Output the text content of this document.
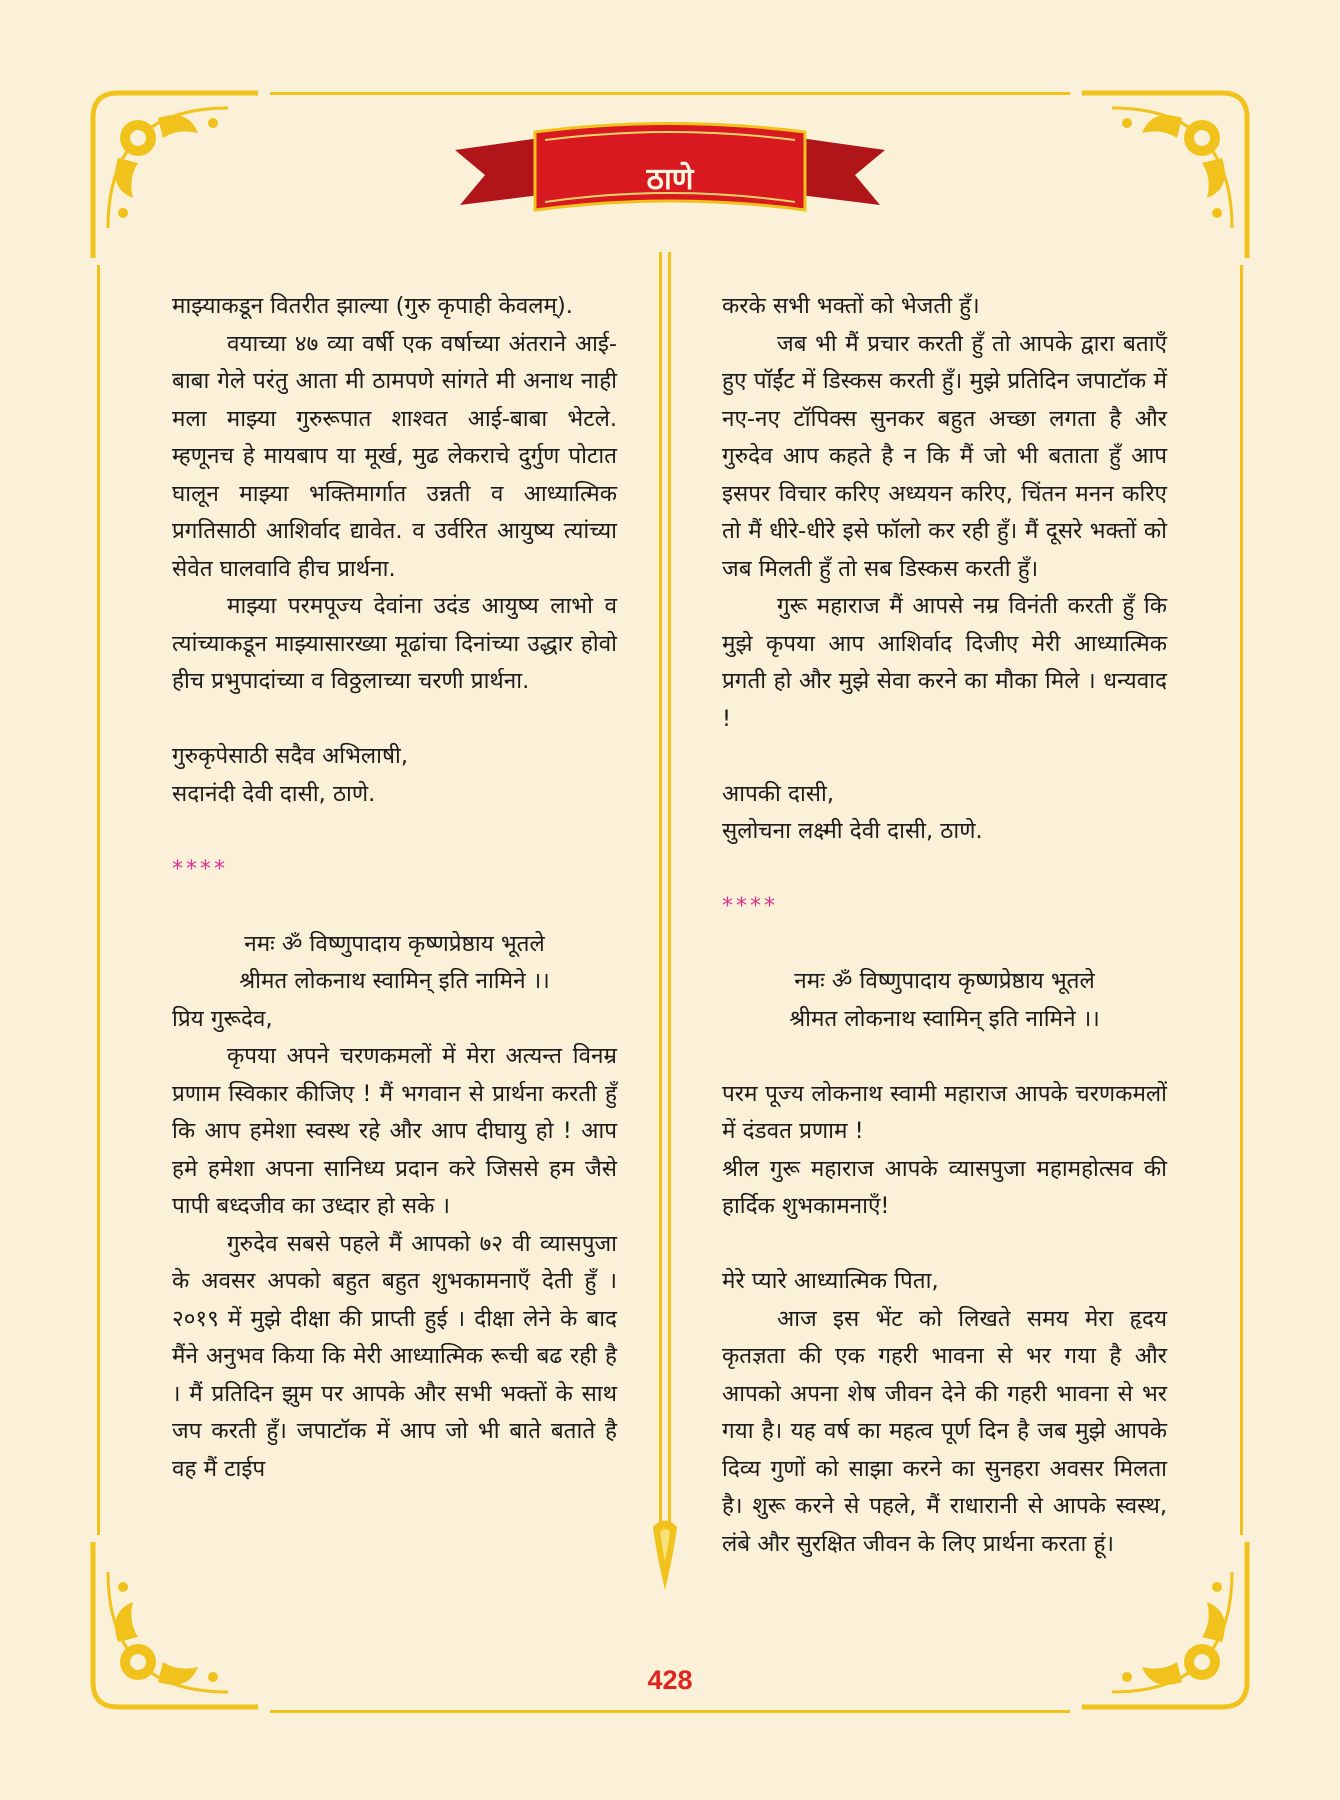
ठाणे

माझ्याकडून वितरीत झाल्या (गुरु कृपाही केवलम्).

वयाच्या ४७ व्या वर्षी एक वर्षाच्या अंतराने आई-बाबा गेले परंतु आता मी ठामपणे सांगते मी अनाथ नाही मला माझ्या गुरुरूपात शाश्वत आई-बाबा भेटले. म्हणूनच हे मायबाप या मूर्ख, मुढ लेकराचे दुर्गुण पोटात घालून माझ्या भक्तिमार्गात उन्नती व आध्यात्मिक प्रगतिसाठी आशिर्वाद द्यावेत. व उर्वरित आयुष्य त्यांच्या सेवेत घालवावि हीच प्रार्थना.

माझ्या परमपूज्य देवांना उदंड आयुष्य लाभो व त्यांच्याकडून माझ्यासारख्या मूढांचा दिनांच्या उद्धार होवो हीच प्रभुपादांच्या व विठ्ठलाच्या चरणी प्रार्थना.

गुरुकृपेसाठी सदैव अभिलाषी,

सदानंदी देवी दासी, ठाणे.

****

नमः ॐ विष्णुपादाय कृष्णप्रेष्ठाय भूतले

श्रीमत लोकनाथ स्वामिन् इति नामिने ।।

प्रिय गुरूदेव,

कृपया अपने चरणकमलों में मेरा अत्यन्त विनम्र प्रणाम स्विकार कीजिए ! मैं भगवान से प्रार्थना करती हुँ कि आप हमेशा स्वस्थ रहे और आप दीघायु हो ! आप हमे हमेशा अपना सानिध्य प्रदान करे जिससे हम जैसे पापी बध्दजीव का उध्दार हो सके ।

गुरुदेव सबसे पहले मैं आपको ७२ वी व्यासपुजा के अवसर अपको बहुत बहुत शुभकामनाएँ देती हुँ । २०१९ में मुझे दीक्षा की प्राप्ती हुई । दीक्षा लेने के बाद मैंने अनुभव किया कि मेरी आध्यात्मिक रूची बढ रही है । मैं प्रतिदिन झुम पर आपके और सभी भक्तों के साथ जप करती हुँ। जपाटॉक में आप जो भी बाते बताते है वह मैं टाईप

करके सभी भक्तों को भेजती हुँ।

जब भी मैं प्रचार करती हुँ तो आपके द्वारा बताएँ हुए पॉईंट में डिस्कस करती हुँ। मुझे प्रतिदिन जपाटॉक में नए-नए टॉपिक्स सुनकर बहुत अच्छा लगता है और गुरुदेव आप कहते है न कि मैं जो भी बताता हुँ आप इसपर विचार करिए अध्ययन करिए, चिंतन मनन करिए तो मैं धीरे-धीरे इसे फॉलो कर रही हुँ। मैं दूसरे भक्तों को जब मिलती हुँ तो सब डिस्कस करती हुँ।

गुरू महाराज मैं आपसे नम्र विनंती करती हुँ कि मुझे कृपया आप आशिर्वाद दिजीए मेरी आध्यात्मिक प्रगती हो और मुझे सेवा करने का मौका मिले । धन्यवाद !

आपकी दासी,

सुलोचना लक्ष्मी देवी दासी, ठाणे.

****

नमः ॐ विष्णुपादाय कृष्णप्रेष्ठाय भूतले

श्रीमत लोकनाथ स्वामिन् इति नामिने ।।

परम पूज्य लोकनाथ स्वामी महाराज आपके चरणकमलों में दंडवत प्रणाम !

श्रील गुरू महाराज आपके व्यासपुजा महामहोत्सव की हार्दिक शुभकामनाएँ!

मेरे प्यारे आध्यात्मिक पिता,

आज इस भेंट को लिखते समय मेरा हृदय कृतज्ञता की एक गहरी भावना से भर गया है और आपको अपना शेष जीवन देने की गहरी भावना से भर गया है। यह वर्ष का महत्व पूर्ण दिन है जब मुझे आपके दिव्य गुणों को साझा करने का सुनहरा अवसर मिलता है। शुरू करने से पहले, मैं राधारानी से आपके स्वस्थ, लंबे और सुरक्षित जीवन के लिए प्रार्थना करता हूं।

428
